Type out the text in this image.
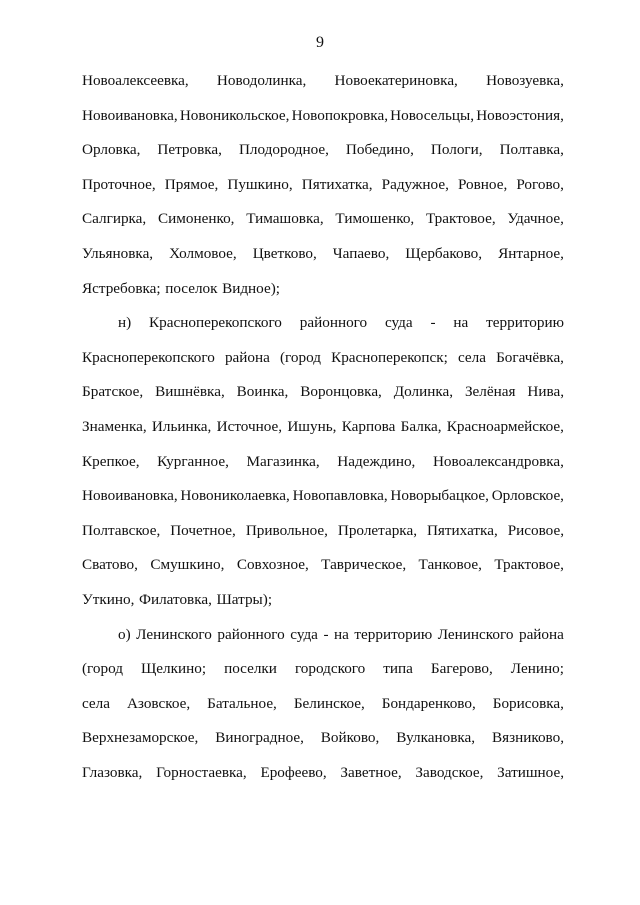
9
Новоалексеевка, Новодолинка, Новоекатериновка, Новозуевка,
Новоивановка, Новоникольское, Новопокровка, Новосельцы, Новоэстония,
Орловка, Петровка, Плодородное, Победино, Пологи, Полтавка,
Проточное, Прямое, Пушкино, Пятихатка, Радужное, Ровное, Рогово,
Салгирка, Симоненко, Тимашовка, Тимошенко, Трактовое, Удачное,
Ульяновка, Холмовое, Цветково, Чапаево, Щербаково, Янтарное,
Ястребовка; поселок Видное);
н) Красноперекопского районного суда - на территорию
Красноперекопского района (город Красноперекопск; села Богачёвка,
Братское, Вишнёвка, Воинка, Воронцовка, Долинка, Зелёная Нива,
Знаменка, Ильинка, Источное, Ишунь, Карпова Балка, Красноармейское,
Крепкое, Курганное, Магазинка, Надеждино, Новоалександровка,
Новоивановка, Новониколаевка, Новопавловка, Новорыбацкое, Орловское,
Полтавское, Почетное, Привольное, Пролетарка, Пятихатка, Рисовое,
Сватово, Смушкино, Совхозное, Таврическое, Танковое, Трактовое,
Уткино, Филатовка, Шатры);
о) Ленинского районного суда - на территорию Ленинского района
(город Щелкино; поселки городского типа Багерово, Ленино;
села Азовское, Батальное, Белинское, Бондаренково, Борисовка,
Верхнезаморское, Виноградное, Войково, Вулкановка, Вязниково,
Глазовка, Горностаевка, Ерофеево, Заветное, Заводское, Затишное,
